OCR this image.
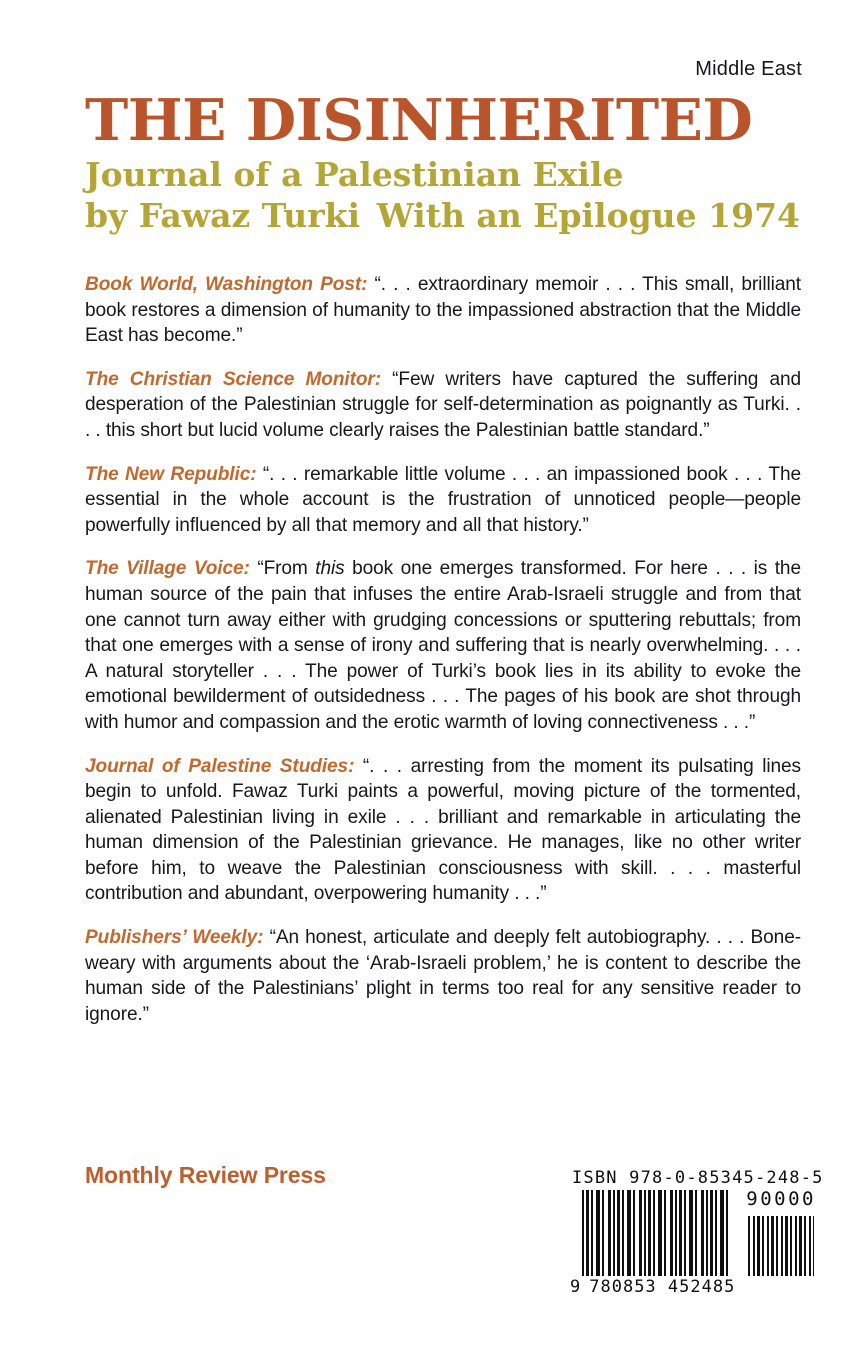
Middle East
THE DISINHERITED
Journal of a Palestinian Exile
by Fawaz Turki With an Epilogue 1974

Book World, Washington Post: “. . . extraordinary memoir . . . This small, brilliant book restores a dimension of humanity to the impassioned abstraction that the Middle East has become.”

The Christian Science Monitor: “Few writers have captured the suffering and desperation of the Palestinian struggle for self-determination as poignantly as Turki. . . . this short but lucid volume clearly raises the Palestinian battle standard.”

The New Republic: “. . . remarkable little volume . . . an impassioned book . . . The essential in the whole account is the frustration of unnoticed people—people powerfully influenced by all that memory and all that history.”

The Village Voice: “From this book one emerges transformed. For here . . . is the human source of the pain that infuses the entire Arab-Israeli struggle and from that one cannot turn away either with grudging concessions or sputtering rebuttals; from that one emerges with a sense of irony and suffering that is nearly overwhelming. . . . A natural storyteller . . . The power of Turki’s book lies in its ability to evoke the emotional bewilderment of outsidedness . . . The pages of his book are shot through with humor and compassion and the erotic warmth of loving connectiveness . . .”

Journal of Palestine Studies: “. . . arresting from the moment its pulsating lines begin to unfold. Fawaz Turki paints a powerful, moving picture of the tormented, alienated Palestinian living in exile . . . brilliant and remarkable in articulating the human dimension of the Palestinian grievance. He manages, like no other writer before him, to weave the Palestinian consciousness with skill. . . . masterful contribution and abundant, overpowering humanity . . .”

Publishers’ Weekly: “An honest, articulate and deeply felt autobiography. . . . Bone-weary with arguments about the ‘Arab-Israeli problem,’ he is content to describe the human side of the Palestinians’ plight in terms too real for any sensitive reader to ignore.”

Monthly Review Press	ISBN 978-0-85345-248-5
90000
9 780853 452485
